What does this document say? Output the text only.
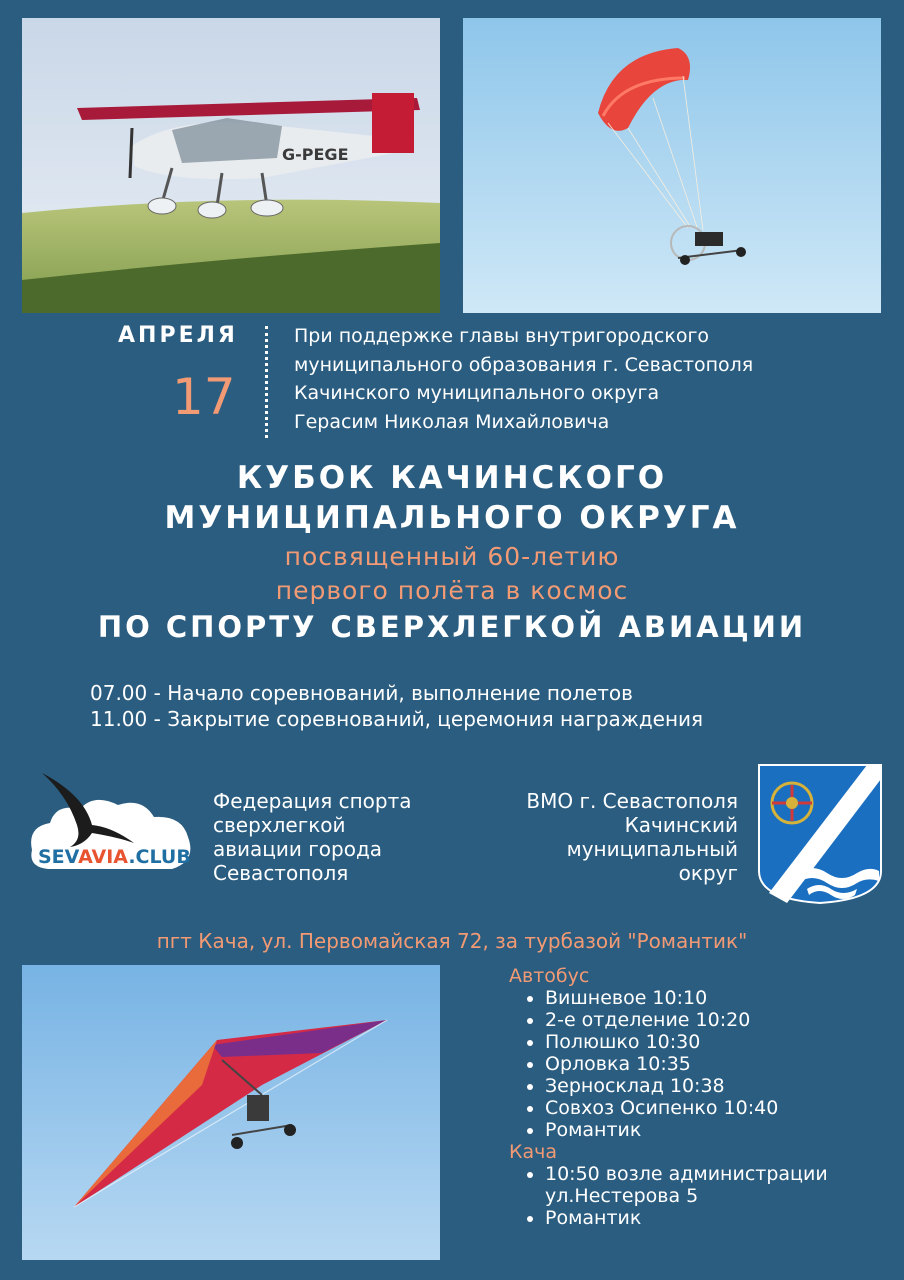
G-PEGE
АПРЕЛЯ
17
При поддержке главы внутригородского
муниципального образования г. Севастополя
Качинского муниципального округа
Герасим Николая Михайловича
КУБОК КАЧИНСКОГО
МУНИЦИПАЛЬНОГО ОКРУГА
посвященный 60-летию
первого полёта в космос
ПО СПОРТУ СВЕРХЛЕГКОЙ АВИАЦИИ
07.00 - Начало соревнований, выполнение полетов
11.00 - Закрытие соревнований, церемония награждения
SEVAVIA.CLUB
Федерация спорта
сверхлегкой
авиации города
Севастополя
ВМО г. Севастополя
Качинский
муниципальный
округ
пгт Кача, ул. Первомайская 72, за турбазой "Романтик"
Автобус
• Вишневое 10:10
• 2-е отделение 10:20
• Полюшко 10:30
• Орловка 10:35
• Зерносклад 10:38
• Совхоз Осипенко 10:40
• Романтик
Кача
• 10:50 возле администрации
ул.Нестерова 5
• Романтик
